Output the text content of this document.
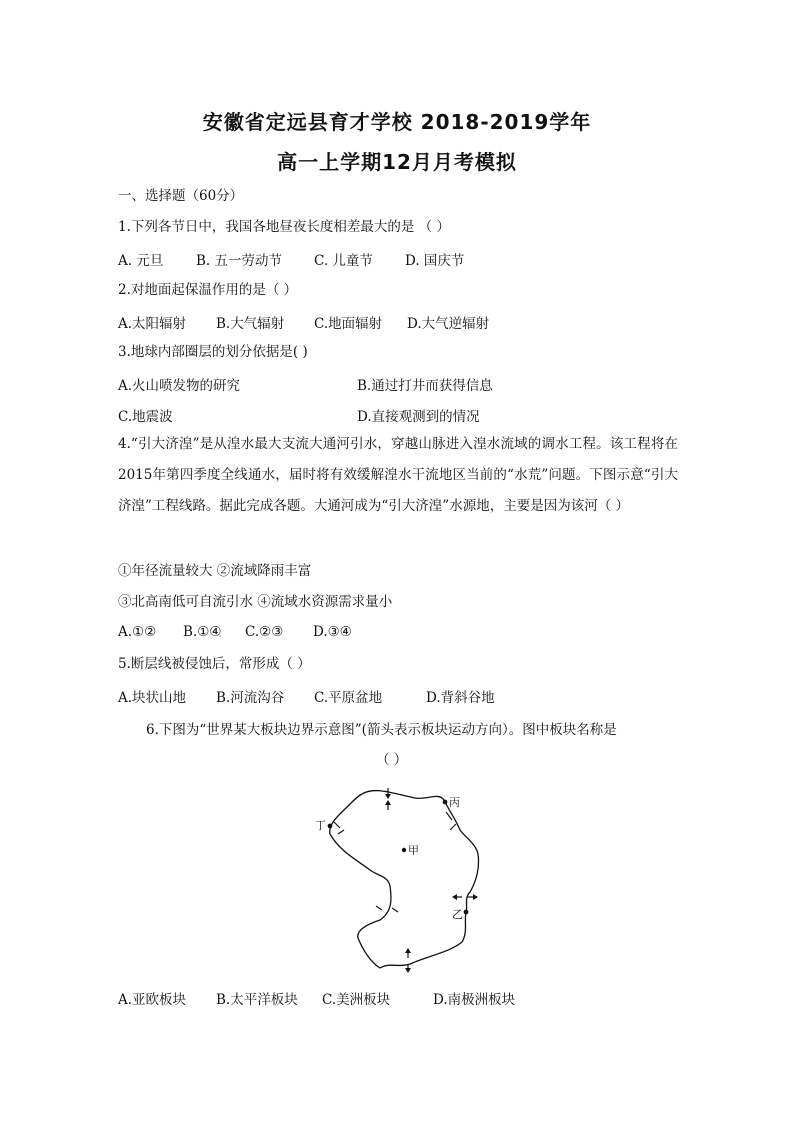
安徽省定远县育才学校 2018-2019学年
高一上学期12月月考模拟
一、选择题（60分）
1.下列各节日中，我国各地昼夜长度相差最大的是 （ ）
A. 元旦 B. 五一劳动节 C. 儿童节 D. 国庆节
2.对地面起保温作用的是（ ）
A.太阳辐射 B.大气辐射 C.地面辐射 D.大气逆辐射
3.地球内部圈层的划分依据是( )
A.火山喷发物的研究	B.通过打井而获得信息
C.地震波	D.直接观测到的情况
4.“引大济湟”是从湟水最大支流大通河引水，穿越山脉进入湟水流域的调水工程。该工程将在2015年第四季度全线通水，届时将有效缓解湟水干流地区当前的“水荒”问题。下图示意“引大济湟”工程线路。据此完成各题。大通河成为“引大济湟”水源地，主要是因为该河（ ）
①年径流量较大 ②流域降雨丰富
③北高南低可自流引水 ④流域水资源需求量小
A.①② B.①④ C.②③ D.③④
5.断层线被侵蚀后，常形成（ ）
A.块状山地 B.河流沟谷 C.平原盆地	D.背斜谷地
6.下图为“世界某大板块边界示意图”(箭头表示板块运动方向）。图中板块名称是
（ ）
丙
丁
甲
乙
A.亚欧板块 B.太平洋板块 C.美洲板块	D.南极洲板块
